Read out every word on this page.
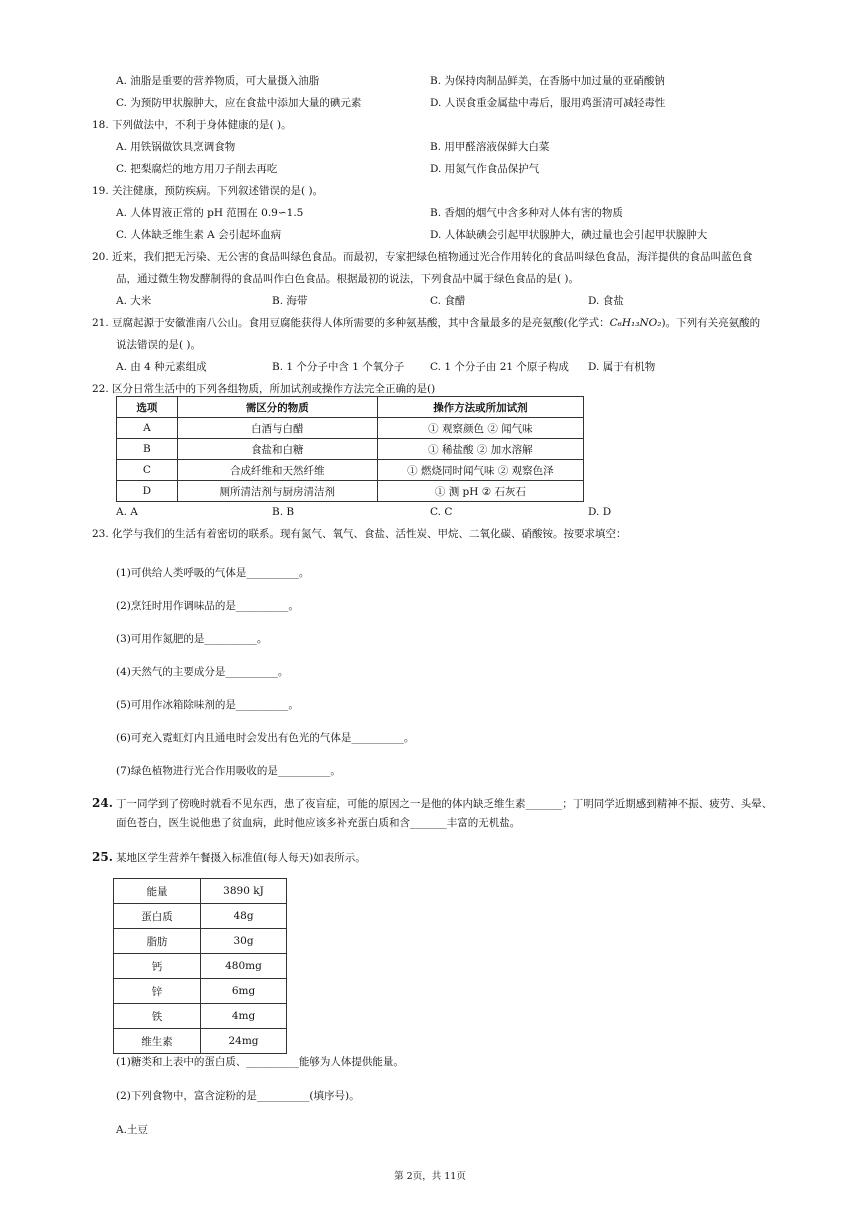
A. 油脂是重要的营养物质，可大量摄入油脂	B. 为保持肉制品鲜美，在香肠中加过量的亚硝酸钠
C. 为预防甲状腺肿大，应在食盐中添加大量的碘元素	D. 人误食重金属盐中毒后，服用鸡蛋清可减轻毒性
18. 下列做法中，不利于身体健康的是( )。
A. 用铁锅做饮具烹调食物	B. 用甲醛溶液保鲜大白菜
C. 把梨腐烂的地方用刀子削去再吃	D. 用氮气作食品保护气
19. 关注健康，预防疾病。下列叙述错误的是( )。
A. 人体胃液正常的 pH 范围在 0.9∽1.5	B. 香烟的烟气中含多种对人体有害的物质
C. 人体缺乏维生素 A 会引起坏血病	D. 人体缺碘会引起甲状腺肿大，碘过量也会引起甲状腺肿大
20. 近来，我们把无污染、无公害的食品叫绿色食品。而最初，专家把绿色植物通过光合作用转化的食品叫绿色食品，海洋提供的食品叫蓝色食
品，通过微生物发酵制得的食品叫作白色食品。根据最初的说法，下列食品中属于绿色食品的是( )。
A. 大米	B. 海带	C. 食醋	D. 食盐
21. 豆腐起源于安徽淮南八公山。食用豆腐能获得人体所需要的多种氨基酸，其中含量最多的是亮氨酸(化学式：C₆H₁₃NO₂)。下列有关亮氨酸的
说法错误的是( )。
A. 由 4 种元素组成	B. 1 个分子中含 1 个氧分子 C. 1 个分子由 21 个原子构成 D. 属于有机物
22. 区分日常生活中的下列各组物质，所加试剂或操作方法完全正确的是()
选项	需区分的物质	操作方法或所加试剂
A	白酒与白醋	① 观察颜色 ② 闻气味
B	食盐和白糖	① 稀盐酸 ② 加水溶解
C	合成纤维和天然纤维	① 燃烧同时闻气味 ② 观察色泽
D	厕所清洁剂与厨房清洁剂	① 测 pH ② 石灰石
A. A	B. B	C. C	D. D
23. 化学与我们的生活有着密切的联系。现有氮气、氧气、食盐、活性炭、甲烷、二氧化碳、硝酸铵。按要求填空：
(1)可供给人类呼吸的气体是__________。
(2)烹饪时用作调味品的是__________。
(3)可用作氮肥的是__________。
(4)天然气的主要成分是__________。
(5)可用作冰箱除味剂的是__________。
(6)可充入霓虹灯内且通电时会发出有色光的气体是__________。
(7)绿色植物进行光合作用吸收的是__________。
24. 丁一同学到了傍晚时就看不见东西，患了夜盲症，可能的原因之一是他的体内缺乏维生素_______；丁明同学近期感到精神不振、疲劳、头晕、
面色苍白，医生说他患了贫血病，此时他应该多补充蛋白质和含_______丰富的无机盐。
25. 某地区学生营养午餐摄入标准值(每人每天)如表所示。
能量	3890 kJ
蛋白质	48g
脂肪	30g
钙	480mg
锌	6mg
铁	4mg
维生素	24mg
(1)糖类和上表中的蛋白质、__________能够为人体提供能量。
(2)下列食物中，富含淀粉的是__________(填序号)。
A.土豆
第 2页，共 11页
